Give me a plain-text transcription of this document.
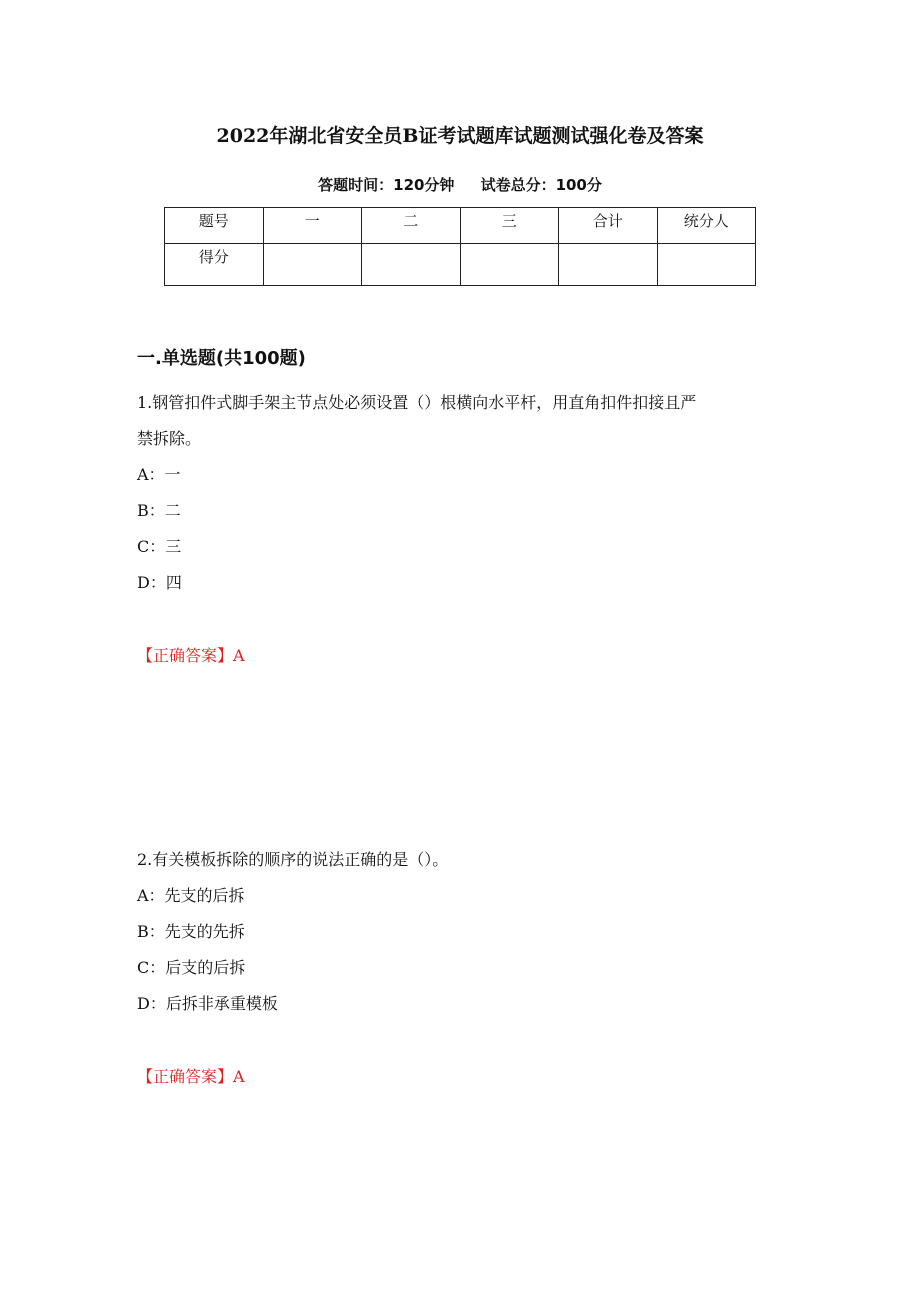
2022年湖北省安全员B证考试题库试题测试强化卷及答案
答题时间：120分钟 试卷总分：100分
题号	一	二	三	合计	统分人
得分					
一.单选题(共100题)
1.钢管扣件式脚手架主节点处必须设置（）根横向水平杆，用直角扣件扣接且严
禁拆除。
A：一
B：二
C：三
D：四
【正确答案】A
2.有关模板拆除的顺序的说法正确的是（）。
A：先支的后拆
B：先支的先拆
C：后支的后拆
D：后拆非承重模板
【正确答案】A
